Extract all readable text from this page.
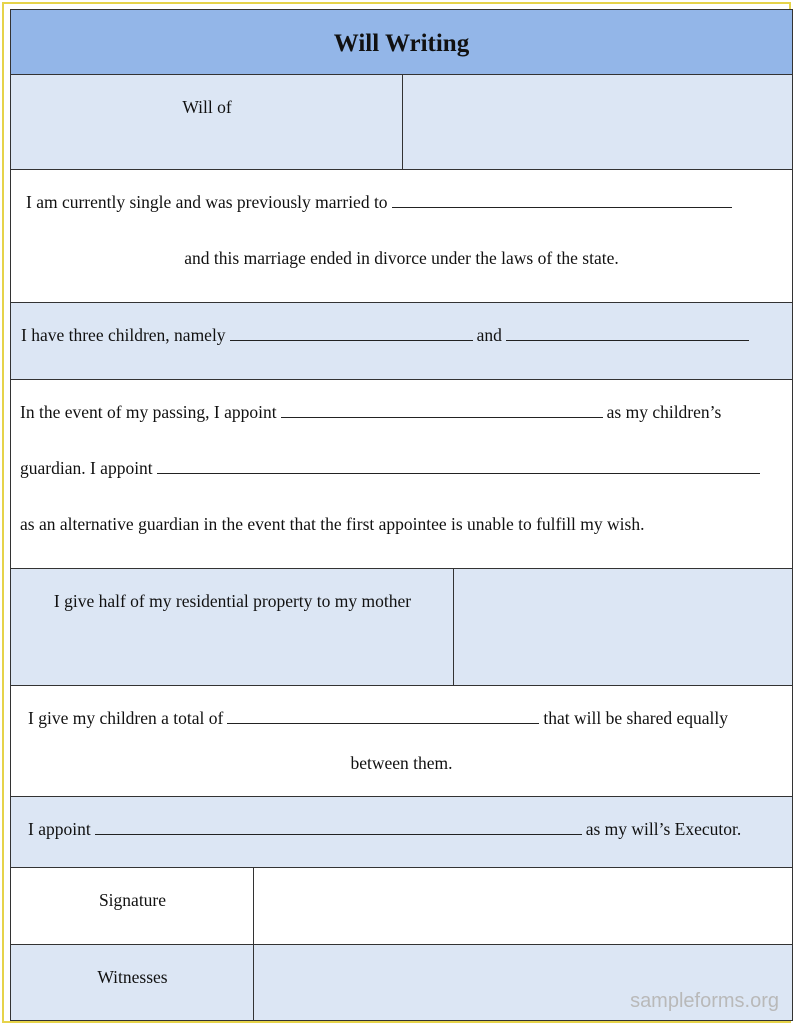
Will Writing
Will of
I am currently single and was previously married to
and this marriage ended in divorce under the laws of the state.
I have three children, namely	and
In the event of my passing, I appoint	as my children’s
guardian. I appoint
as an alternative guardian in the event that the first appointee is unable to fulfill my wish.
I give half of my residential property to my mother
I give my children a total of	that will be shared equally
between them.
I appoint	as my will’s Executor.
Signature
Witnesses
sampleforms.org
